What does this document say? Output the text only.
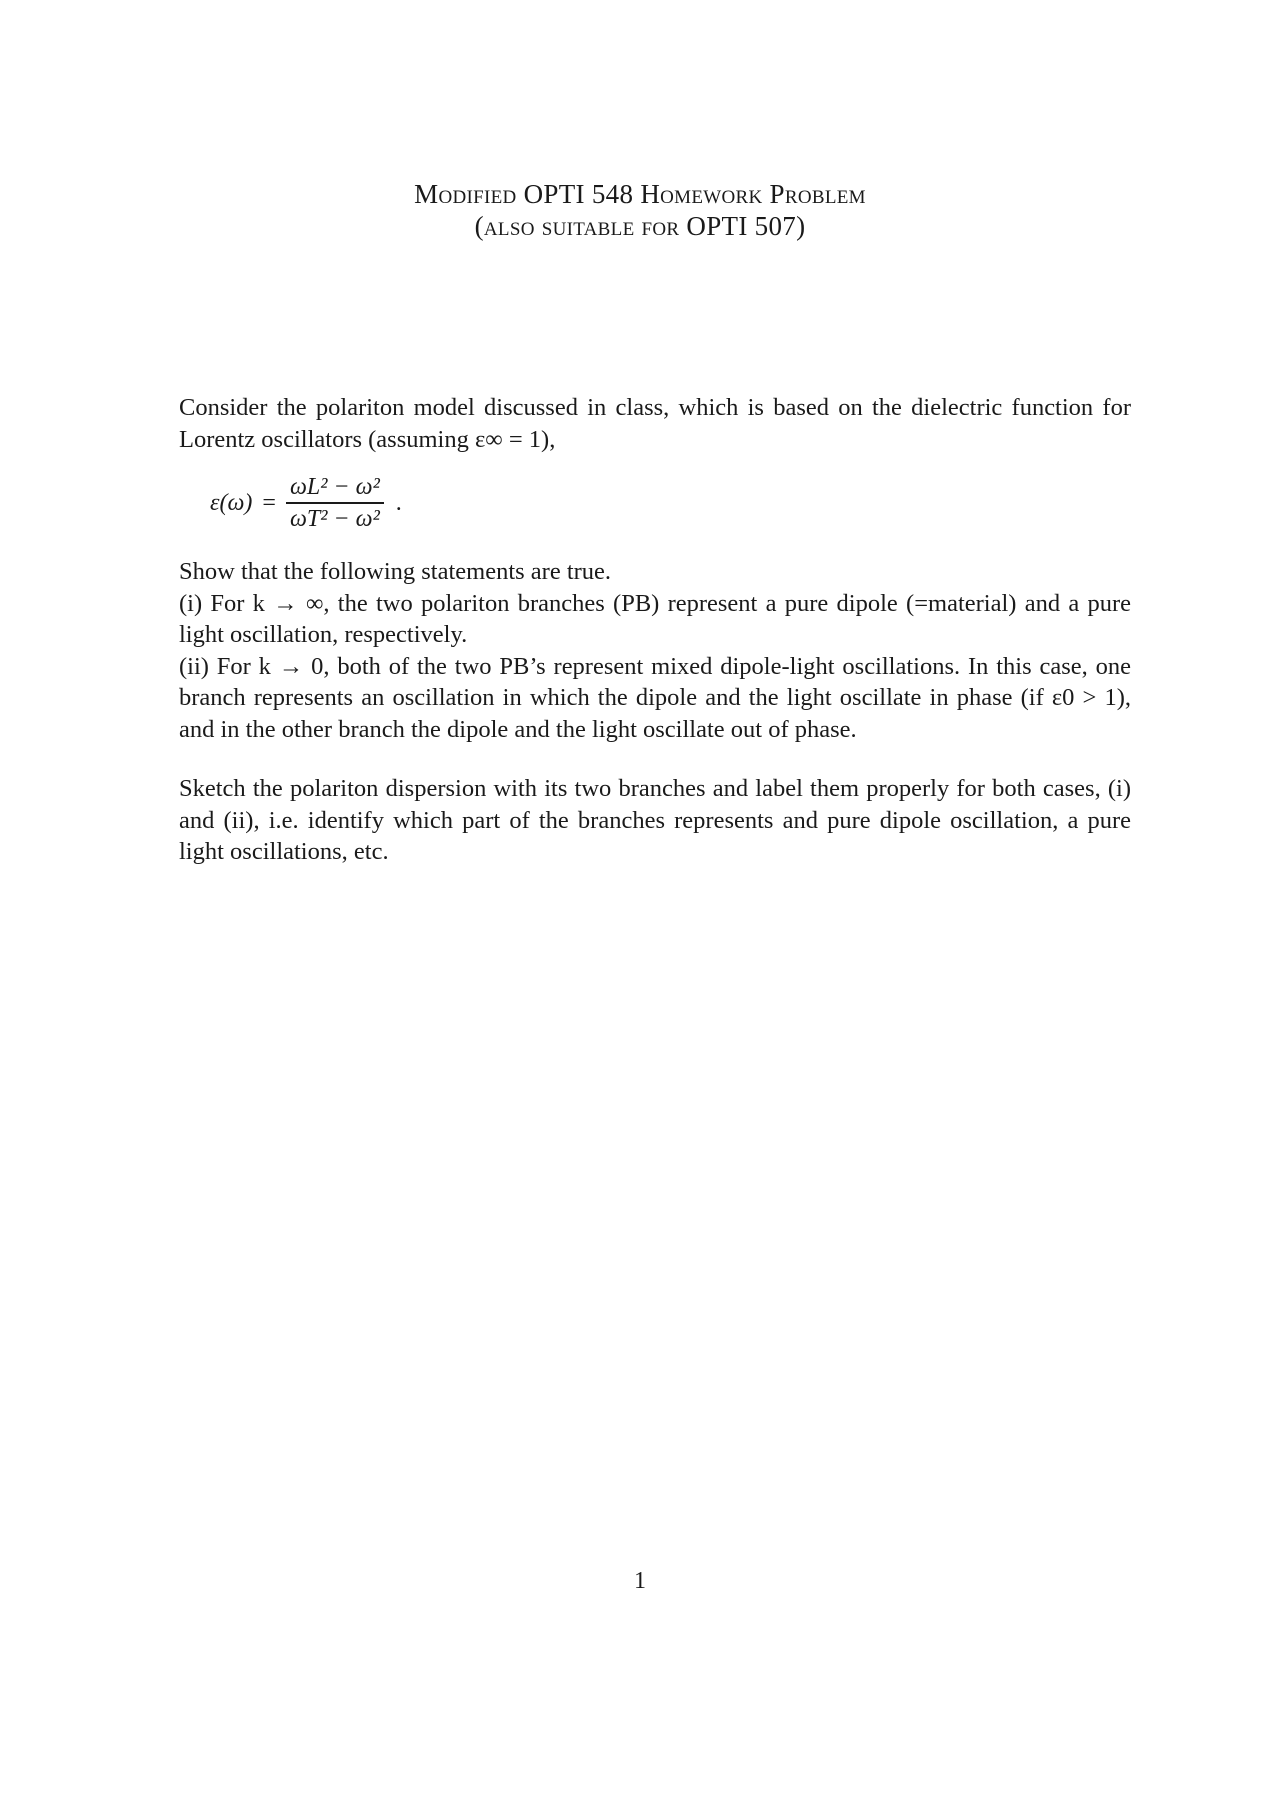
Modified OPTI 548 Homework Problem
(also suitable for OPTI 507)
Consider the polariton model discussed in class, which is based on the dielectric function for Lorentz oscillators (assuming ε∞ = 1),
$\varepsilon(\omega) = \frac{\text{ωL² − ω²}}{\text{ωT² − ω²}}$ .
Show that the following statements are true.
(i) For k → ∞, the two polariton branches (PB) represent a pure dipole (=material) and a pure light oscillation, respectively.
(ii) For k → 0, both of the two PB’s represent mixed dipole-light oscillations. In this case, one branch represents an oscillation in which the dipole and the light oscillate in phase (if ε0 > 1), and in the other branch the dipole and the light oscillate out of phase.
Sketch the polariton dispersion with its two branches and label them properly for both cases, (i) and (ii), i.e. identify which part of the branches represents and pure dipole oscillation, a pure light oscillations, etc.
1
